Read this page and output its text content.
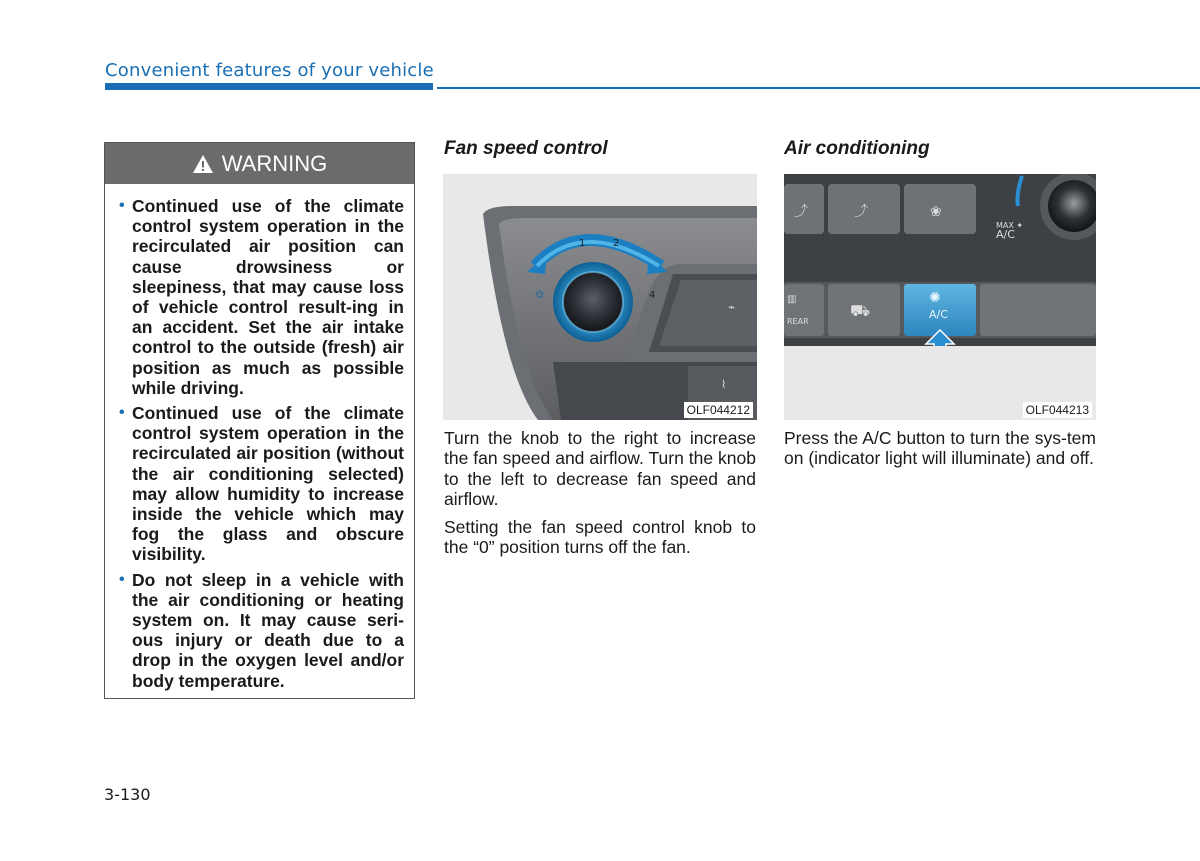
Convenient features of your vehicle
WARNING
• Continued use of the climate control system operation in the recirculated air position can cause drowsiness or sleepiness, that may cause loss of vehicle control result-ing in an accident. Set the air intake control to the outside (fresh) air position as much as possible while driving.
• Continued use of the climate control system operation in the recirculated air position (without the air conditioning selected) may allow humidity to increase inside the vehicle which may fog the glass and obscure visibility.
• Do not sleep in a vehicle with the air conditioning or heating system on. It may cause seri-ous injury or death due to a drop in the oxygen level and/or body temperature.
Fan speed control
⌁
⌇
1	2
4
✿
OLF044212

Turn the knob to the right to increase the fan speed and airflow. Turn the knob to the left to decrease fan speed and airflow.

Setting the fan speed control knob to the “0” position turns off the fan.

Air conditioning
⤴	⤴	❀
MAX ✦
A/C
▥
REAR
⛟
✺
A/C
OLF044213

Press the A/C button to turn the sys-tem on (indicator light will illuminate) and off.

3-130
